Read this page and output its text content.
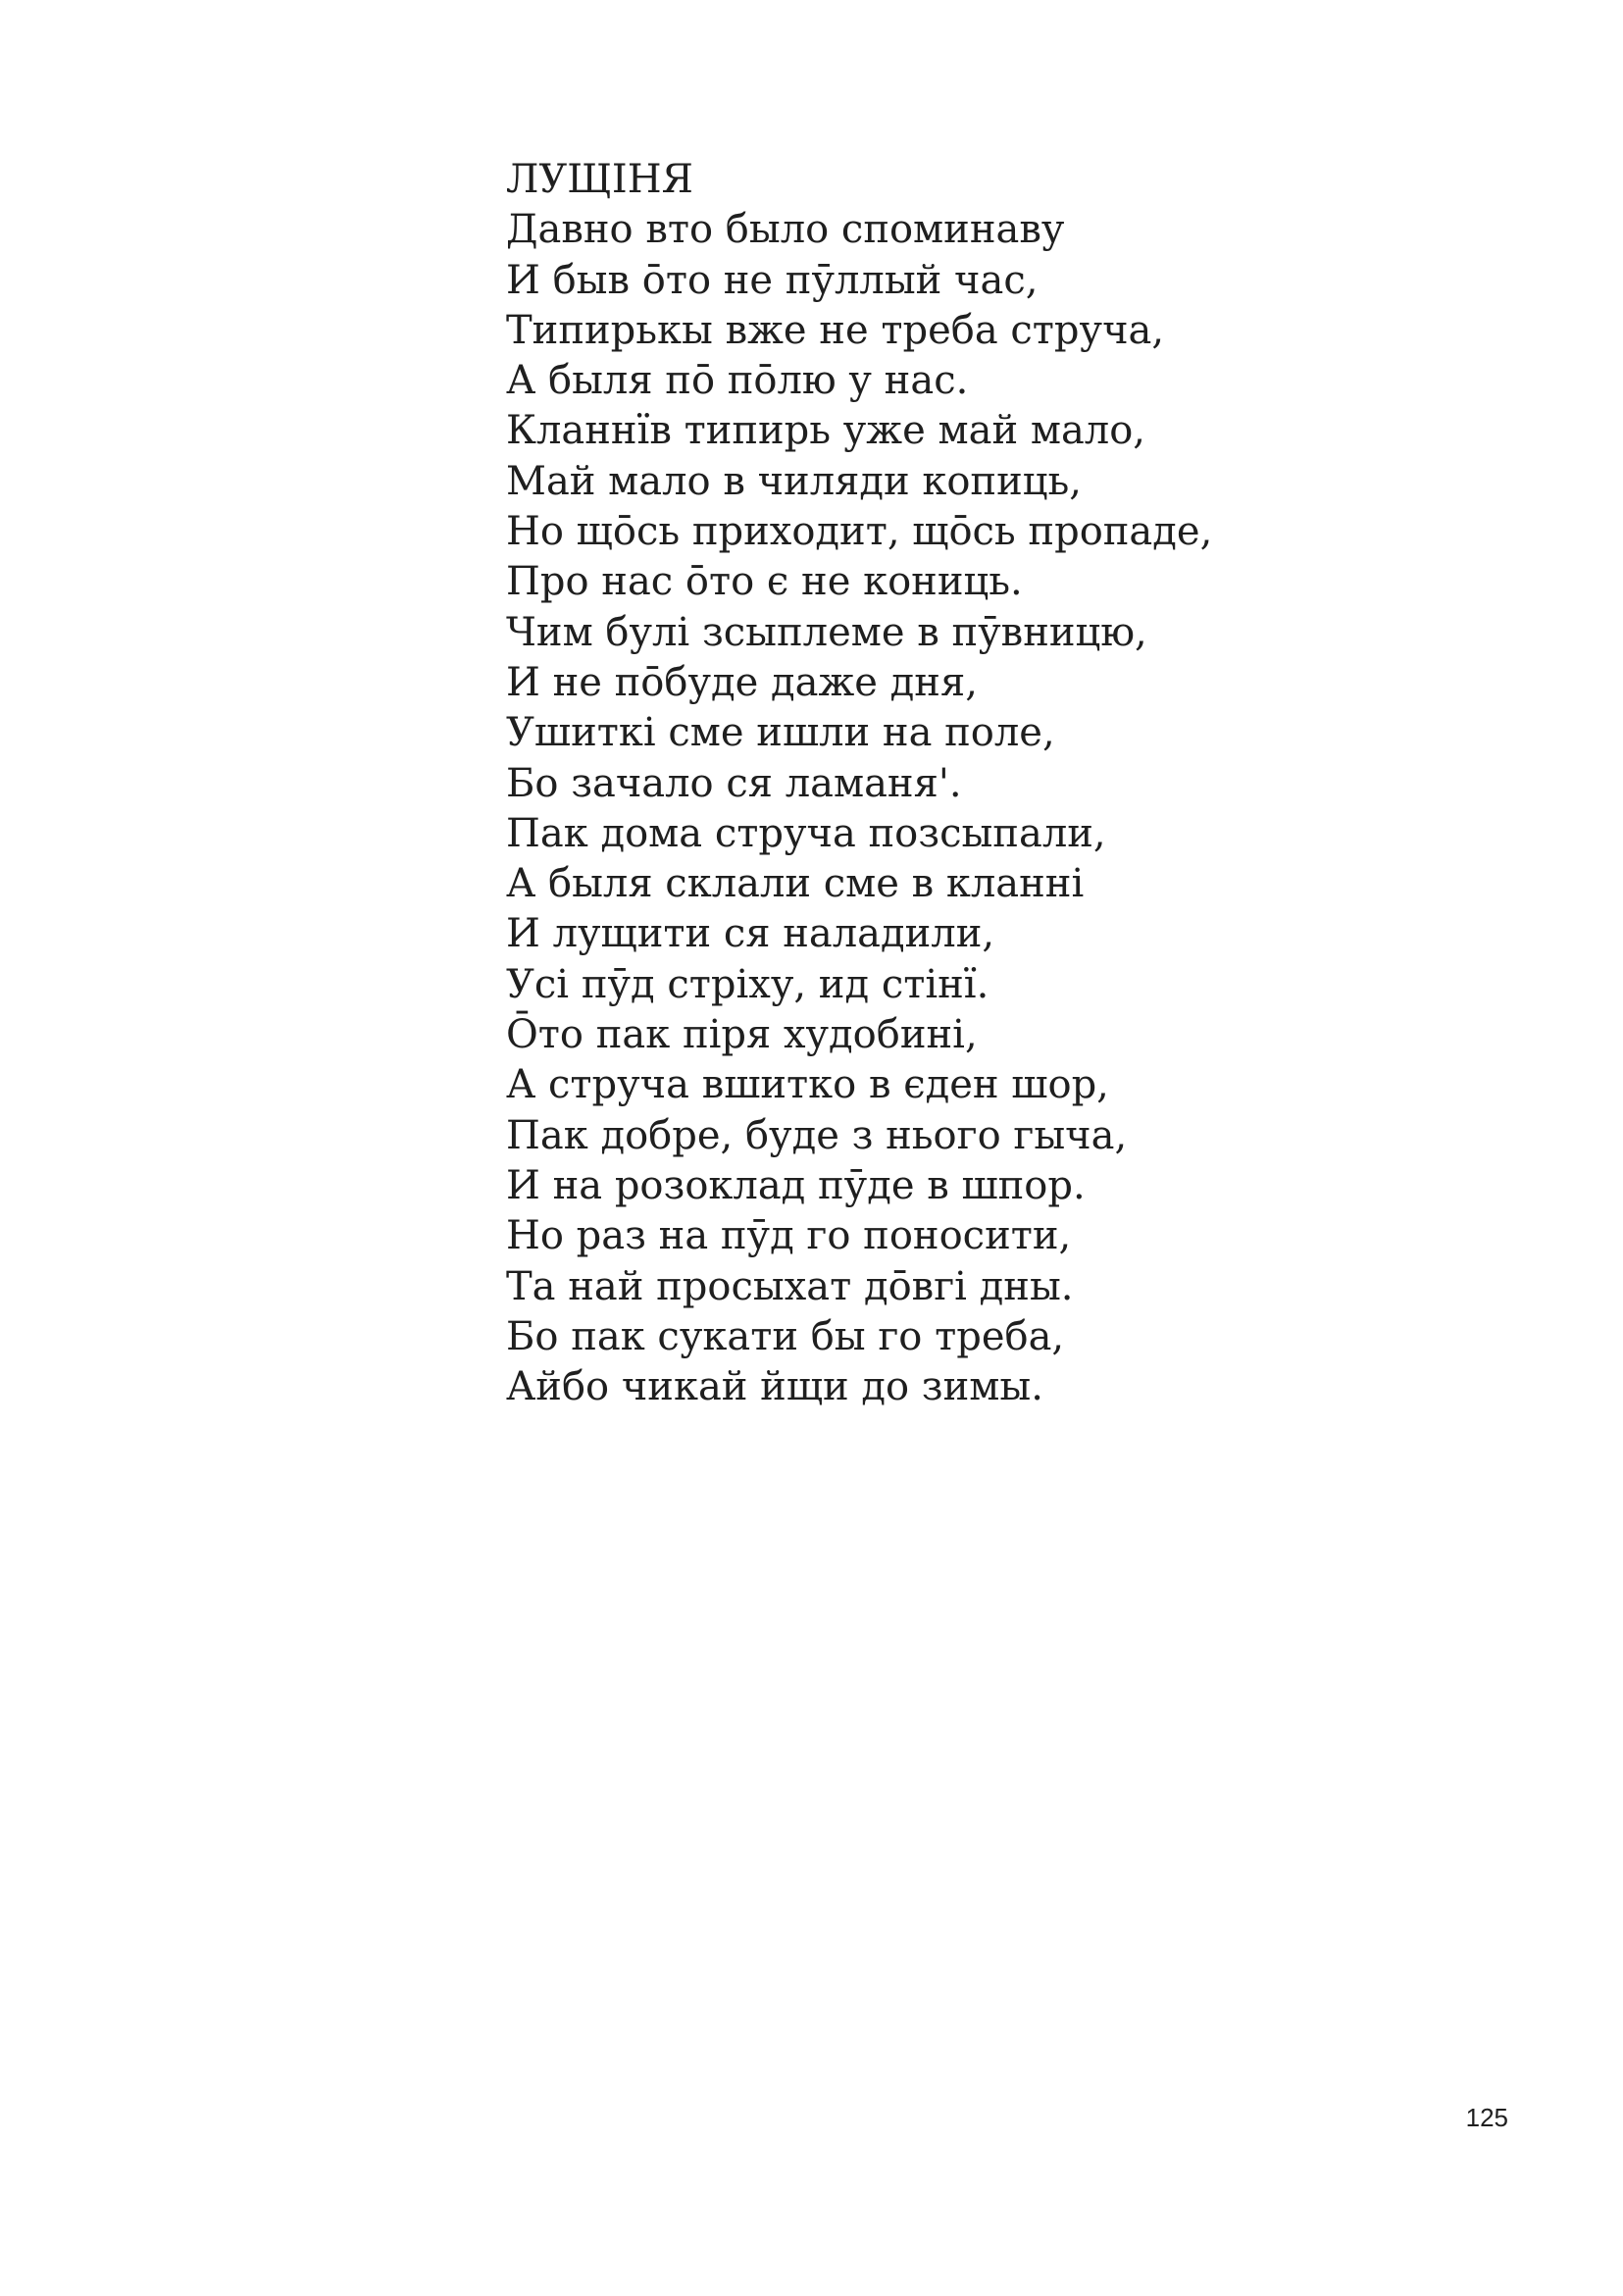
ЛУЩІНЯ
Давно вто было споминаву
И быв о̄то не пӯллый час,
Типирькы вже не треба струча,
А быля по̄ по̄лю у нас.
Кланнїв типирь уже май мало,
Май мало в чиляди копиць,
Но що̄сь приходит, що̄сь пропаде,
Про нас о̄то є не кониць.
Чим булі зсыплеме в пӯвницю,
И не по̄буде даже дня,
Ушиткі сме ишли на поле,
Бо зачало ся ламаня'.
Пак дома струча позсыпали,
А быля склали сме в кланні
И лущити ся наладили,
Усі пӯд стріху, ид стінї.
О̄то пак піря худобині,
А струча вшитко в єден шор,
Пак добре, буде з нього гыча,
И на розоклад пӯде в шпор.
Но раз на пӯд го поносити,
Та най просыхат до̄вгі дны.
Бо пак сукати бы го треба,
Айбо чикай йщи до зимы.
125
